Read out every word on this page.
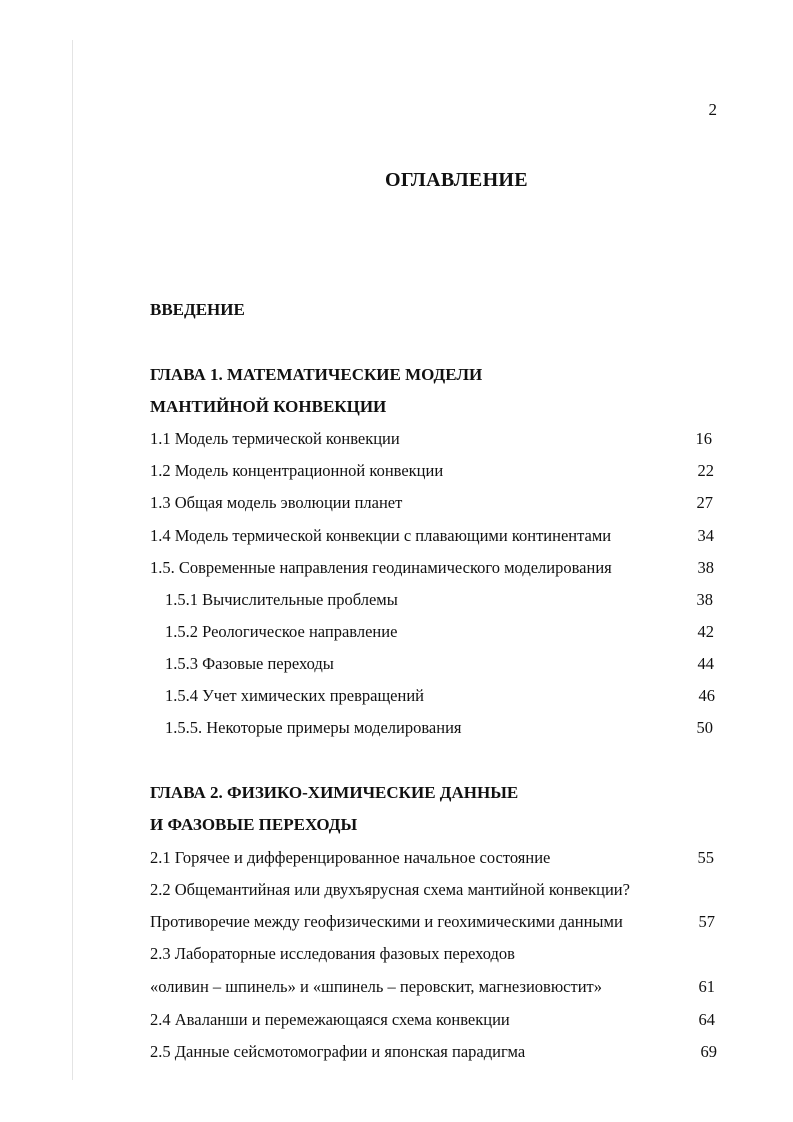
2
ОГЛАВЛЕНИЕ
ВВЕДЕНИЕ
ГЛАВА 1. МАТЕМАТИЧЕСКИЕ МОДЕЛИ
МАНТИЙНОЙ КОНВЕКЦИИ
1.1 Модель термической конвекции	16
1.2 Модель концентрационной конвекции	22
1.3 Общая модель эволюции планет	27
1.4 Модель термической конвекции с плавающими континентами	34
1.5. Современные направления геодинамического моделирования	38
1.5.1 Вычислительные проблемы	38
1.5.2 Реологическое направление	42
1.5.3 Фазовые переходы	44
1.5.4 Учет химических превращений	46
1.5.5. Некоторые примеры моделирования	50
ГЛАВА 2. ФИЗИКО-ХИМИЧЕСКИЕ ДАННЫЕ
И ФАЗОВЫЕ ПЕРЕХОДЫ
2.1 Горячее и дифференцированное начальное состояние	55
2.2 Общемантийная или двухъярусная схема мантийной конвекции?
Противоречие между геофизическими и геохимическими данными	57
2.3 Лабораторные исследования фазовых переходов
«оливин – шпинель» и «шпинель – перовскит, магнезиовюстит»	61
2.4 Аваланши и перемежающаяся схема конвекции	64
2.5 Данные сейсмотомографии и японская парадигма	69
